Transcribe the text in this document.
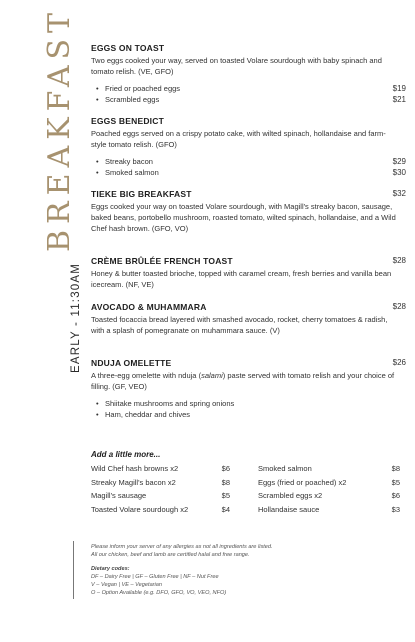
BREAKFAST
EARLY - 11:30AM
EGGS ON TOAST
Two eggs cooked your way, served on toasted Volare sourdough with baby spinach and tomato relish. (VE, GFO)
• Fried or poached eggs	$19
• Scrambled eggs	$21
EGGS BENEDICT
Poached eggs served on a crispy potato cake, with wilted spinach, hollandaise and farm-style tomato relish. (GFO)
• Streaky bacon	$29
• Smoked salmon	$30
TIEKE BIG BREAKFAST	$32
Eggs cooked your way on toasted Volare sourdough, with Magill's streaky bacon, sausage, baked beans, portobello mushroom, roasted tomato, wilted spinach, hollandaise, and a Wild Chef hash brown. (GFO, VO)
CRÈME BRÛLÉE FRENCH TOAST	$28
Honey & butter toasted brioche, topped with caramel cream, fresh berries and vanilla bean icecream. (NF, VE)
AVOCADO & MUHAMMARA	$28
Toasted focaccia bread layered with smashed avocado, rocket, cherry tomatoes & radish, with a splash of pomegranate on muhammara sauce. (V)
NDUJA OMELETTE	$26
A three-egg omelette with nduja (salami) paste served with tomato relish and your choice of filling. (GF, VEO)
• Shiitake mushrooms and spring onions
• Ham, cheddar and chives
Add a little more...
Wild Chef hash browns x2	$6
Streaky Magill's bacon x2	$8
Magill's sausage	$5
Toasted Volare sourdough x2	$4
Smoked salmon	$8
Eggs (fried or poached) x2	$5
Scrambled eggs x2	$6
Hollandaise sauce	$3
Please inform your server of any allergies as not all ingredients are listed.
All our chicken, beef and lamb are certified halal and free range.
Dietary codes:
DF – Dairy Free | GF – Gluten Free | NF – Nut Free
V – Vegan | VE – Vegetarian
O – Option Available (e.g. DFO, GFO, VO, VEO, NFO)
